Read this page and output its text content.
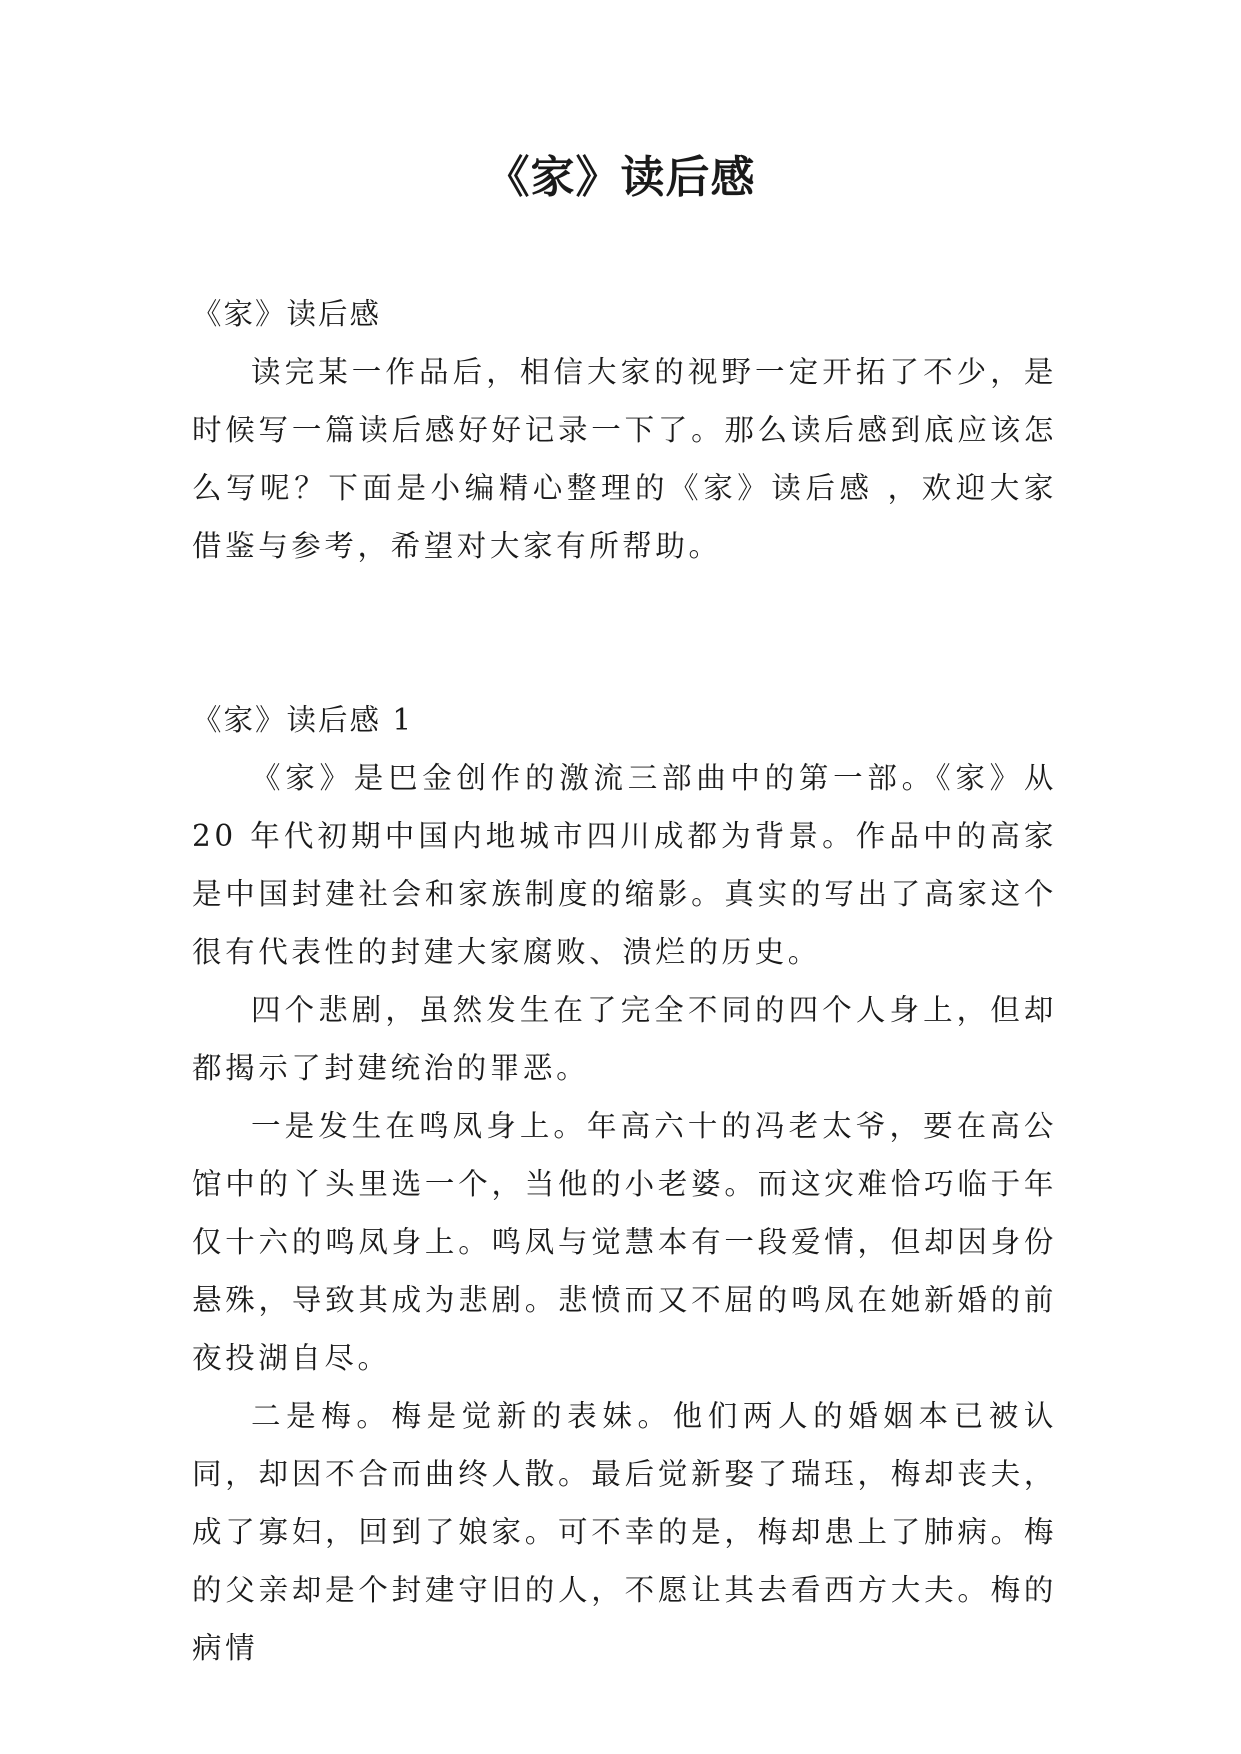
《家》读后感

《家》读后感

读完某一作品后，相信大家的视野一定开拓了不少，是时候写一篇读后感好好记录一下了。那么读后感到底应该怎么写呢？下面是小编精心整理的《家》读后感 ，欢迎大家借鉴与参考，希望对大家有所帮助。

《家》读后感 1

《家》是巴金创作的激流三部曲中的第一部。《家》从 20 年代初期中国内地城市四川成都为背景。作品中的高家是中国封建社会和家族制度的缩影。真实的写出了高家这个很有代表性的封建大家腐败、溃烂的历史。

四个悲剧，虽然发生在了完全不同的四个人身上，但却都揭示了封建统治的罪恶。

一是发生在鸣凤身上。年高六十的冯老太爷，要在高公馆中的丫头里选一个，当他的小老婆。而这灾难恰巧临于年仅十六的鸣凤身上。鸣凤与觉慧本有一段爱情，但却因身份悬殊，导致其成为悲剧。悲愤而又不屈的鸣凤在她新婚的前夜投湖自尽。

二是梅。梅是觉新的表妹。他们两人的婚姻本已被认同，却因不合而曲终人散。最后觉新娶了瑞珏，梅却丧夫，成了寡妇，回到了娘家。可不幸的是，梅却患上了肺病。梅的父亲却是个封建守旧的人，不愿让其去看西方大夫。梅的病情
